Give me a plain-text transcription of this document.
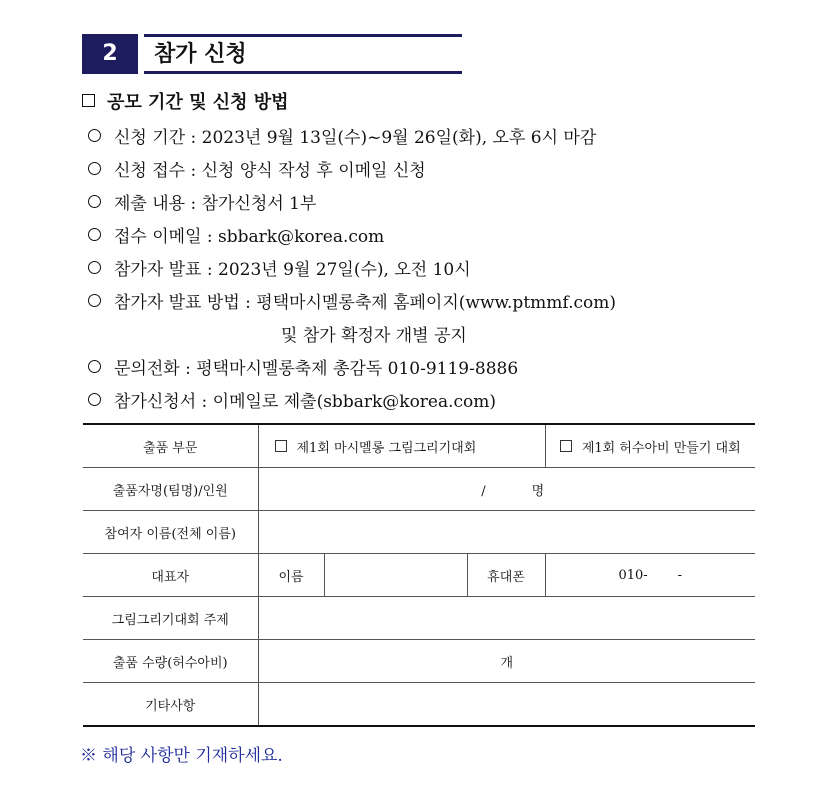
2	참가 신청
공모 기간 및 신청 방법
신청 기간 : 2023년 9월 13일(수)~9월 26일(화), 오후 6시 마감
신청 접수 : 신청 양식 작성 후 이메일 신청
제출 내용 : 참가신청서 1부
접수 이메일 : sbbark@korea.com
참가자 발표 : 2023년 9월 27일(수), 오전 10시
참가자 발표 방법 : 평택마시멜롱축제 홈페이지(www.ptmmf.com)
및 참가 확정자 개별 공지
문의전화 : 평택마시멜롱축제 총감독 010-9119-8886
참가신청서 : 이메일로 제출(sbbark@korea.com)
출품 부문	제1회 마시멜롱 그림그리기대회			제1회 허수아비 만들기 대회
출품자명(팀명)/인원	/ 명			
참여자 이름(전체 이름)				
대표자	이름		휴대폰	010- -
그림그리기대회 주제				
출품 수량(허수아비)	개			
기타사항				
※ 해당 사항만 기재하세요.
